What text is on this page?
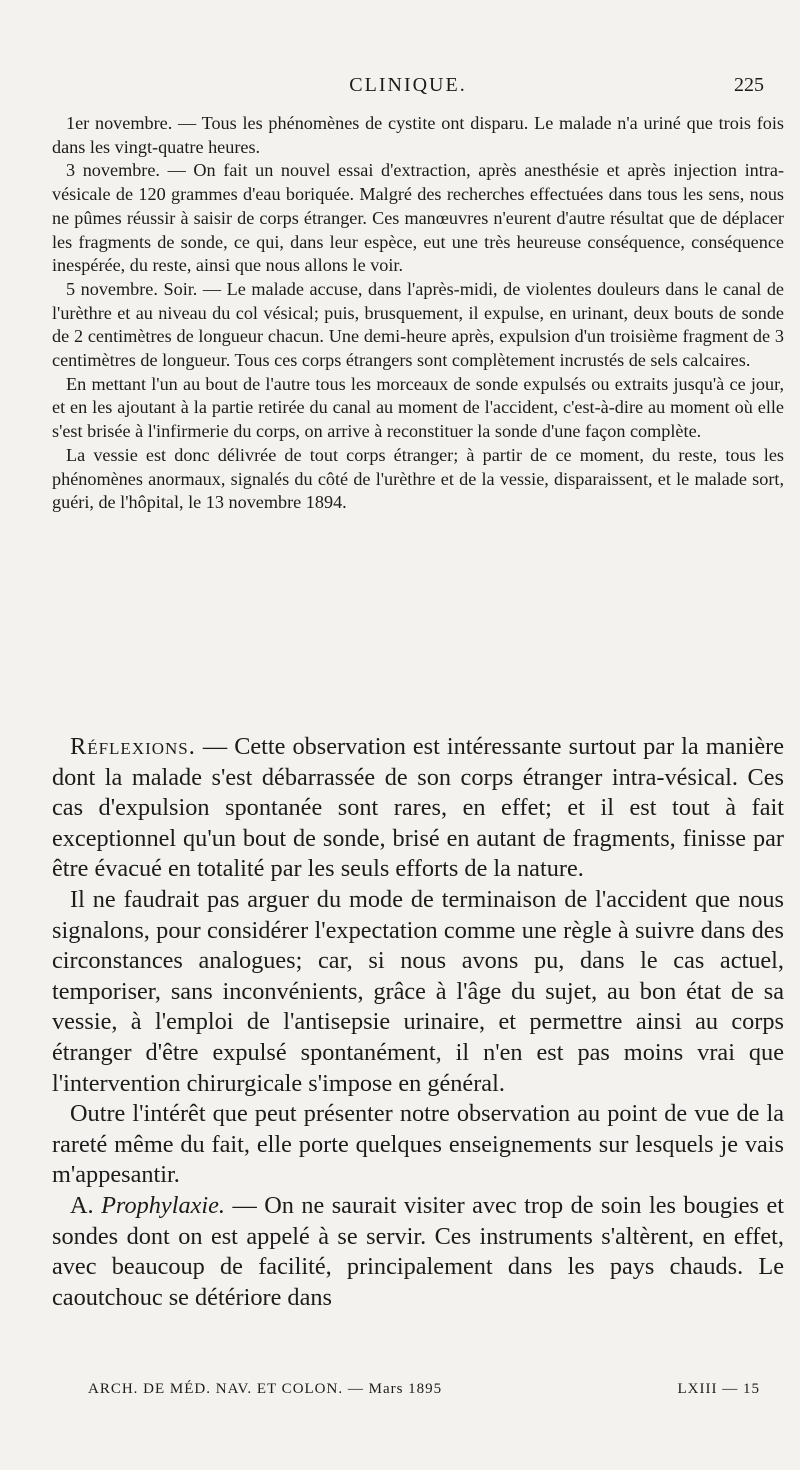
CLINIQUE.	225

1er novembre. — Tous les phénomènes de cystite ont disparu. Le malade n'a uriné que trois fois dans les vingt-quatre heures.

3 novembre. — On fait un nouvel essai d'extraction, après anesthésie et après injection intra-vésicale de 120 grammes d'eau boriquée. Malgré des recherches effectuées dans tous les sens, nous ne pûmes réussir à saisir de corps étranger. Ces manœuvres n'eurent d'autre résultat que de déplacer les fragments de sonde, ce qui, dans leur espèce, eut une très heureuse conséquence, conséquence inespérée, du reste, ainsi que nous allons le voir.

5 novembre. Soir. — Le malade accuse, dans l'après-midi, de violentes douleurs dans le canal de l'urèthre et au niveau du col vésical; puis, brusquement, il expulse, en urinant, deux bouts de sonde de 2 centimètres de longueur chacun. Une demi-heure après, expulsion d'un troisième fragment de 3 centimètres de longueur. Tous ces corps étrangers sont complètement incrustés de sels calcaires.

En mettant l'un au bout de l'autre tous les morceaux de sonde expulsés ou extraits jusqu'à ce jour, et en les ajoutant à la partie retirée du canal au moment de l'accident, c'est-à-dire au moment où elle s'est brisée à l'infirmerie du corps, on arrive à reconstituer la sonde d'une façon complète.

La vessie est donc délivrée de tout corps étranger; à partir de ce moment, du reste, tous les phénomènes anormaux, signalés du côté de l'urèthre et de la vessie, disparaissent, et le malade sort, guéri, de l'hôpital, le 13 novembre 1894.

Réflexions. — Cette observation est intéressante surtout par la manière dont la malade s'est débarrassée de son corps étranger intra-vésical. Ces cas d'expulsion spontanée sont rares, en effet; et il est tout à fait exceptionnel qu'un bout de sonde, brisé en autant de fragments, finisse par être évacué en totalité par les seuls efforts de la nature.

Il ne faudrait pas arguer du mode de terminaison de l'accident que nous signalons, pour considérer l'expectation comme une règle à suivre dans des circonstances analogues; car, si nous avons pu, dans le cas actuel, temporiser, sans inconvénients, grâce à l'âge du sujet, au bon état de sa vessie, à l'emploi de l'antisepsie urinaire, et permettre ainsi au corps étranger d'être expulsé spontanément, il n'en est pas moins vrai que l'intervention chirurgicale s'impose en général.

Outre l'intérêt que peut présenter notre observation au point de vue de la rareté même du fait, elle porte quelques enseignements sur lesquels je vais m'appesantir.

A. Prophylaxie. — On ne saurait visiter avec trop de soin les bougies et sondes dont on est appelé à se servir. Ces instruments s'altèrent, en effet, avec beaucoup de facilité, principalement dans les pays chauds. Le caoutchouc se détériore dans

ARCH. DE MÉD. NAV. ET COLON. — Mars 1895	LXIII — 15
